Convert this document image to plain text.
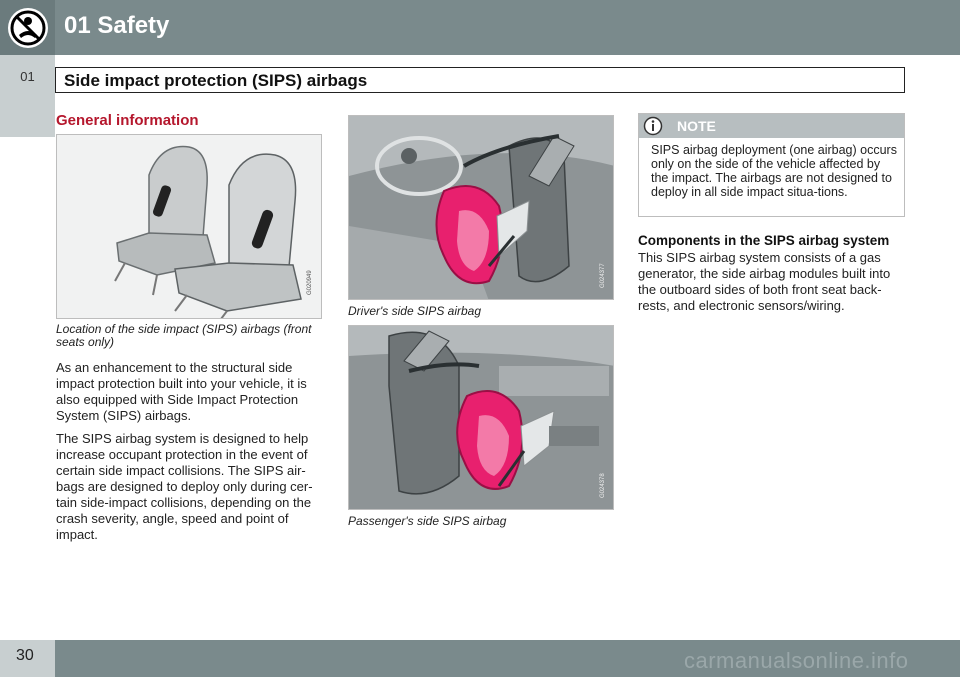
01 Safety
01	Side impact protection (SIPS) airbags
General information
G020949
Location of the side impact (SIPS) airbags (front seats only)
As an enhancement to the structural side impact protection built into your vehicle, it is also equipped with Side Impact Protection System (SIPS) airbags.
The SIPS airbag system is designed to help increase occupant protection in the event of certain side impact collisions. The SIPS air-bags are designed to deploy only during cer-tain side-impact collisions, depending on the crash severity, angle, speed and point of impact.
G024377
Driver's side SIPS airbag
G024378
Passenger's side SIPS airbag
NOTE
SIPS airbag deployment (one airbag) occurs only on the side of the vehicle affected by the impact. The airbags are not designed to deploy in all side impact situa-tions.
Components in the SIPS airbag system
This SIPS airbag system consists of a gas generator, the side airbag modules built into the outboard sides of both front seat back-rests, and electronic sensors/wiring.
30	carmanualsonline.info
